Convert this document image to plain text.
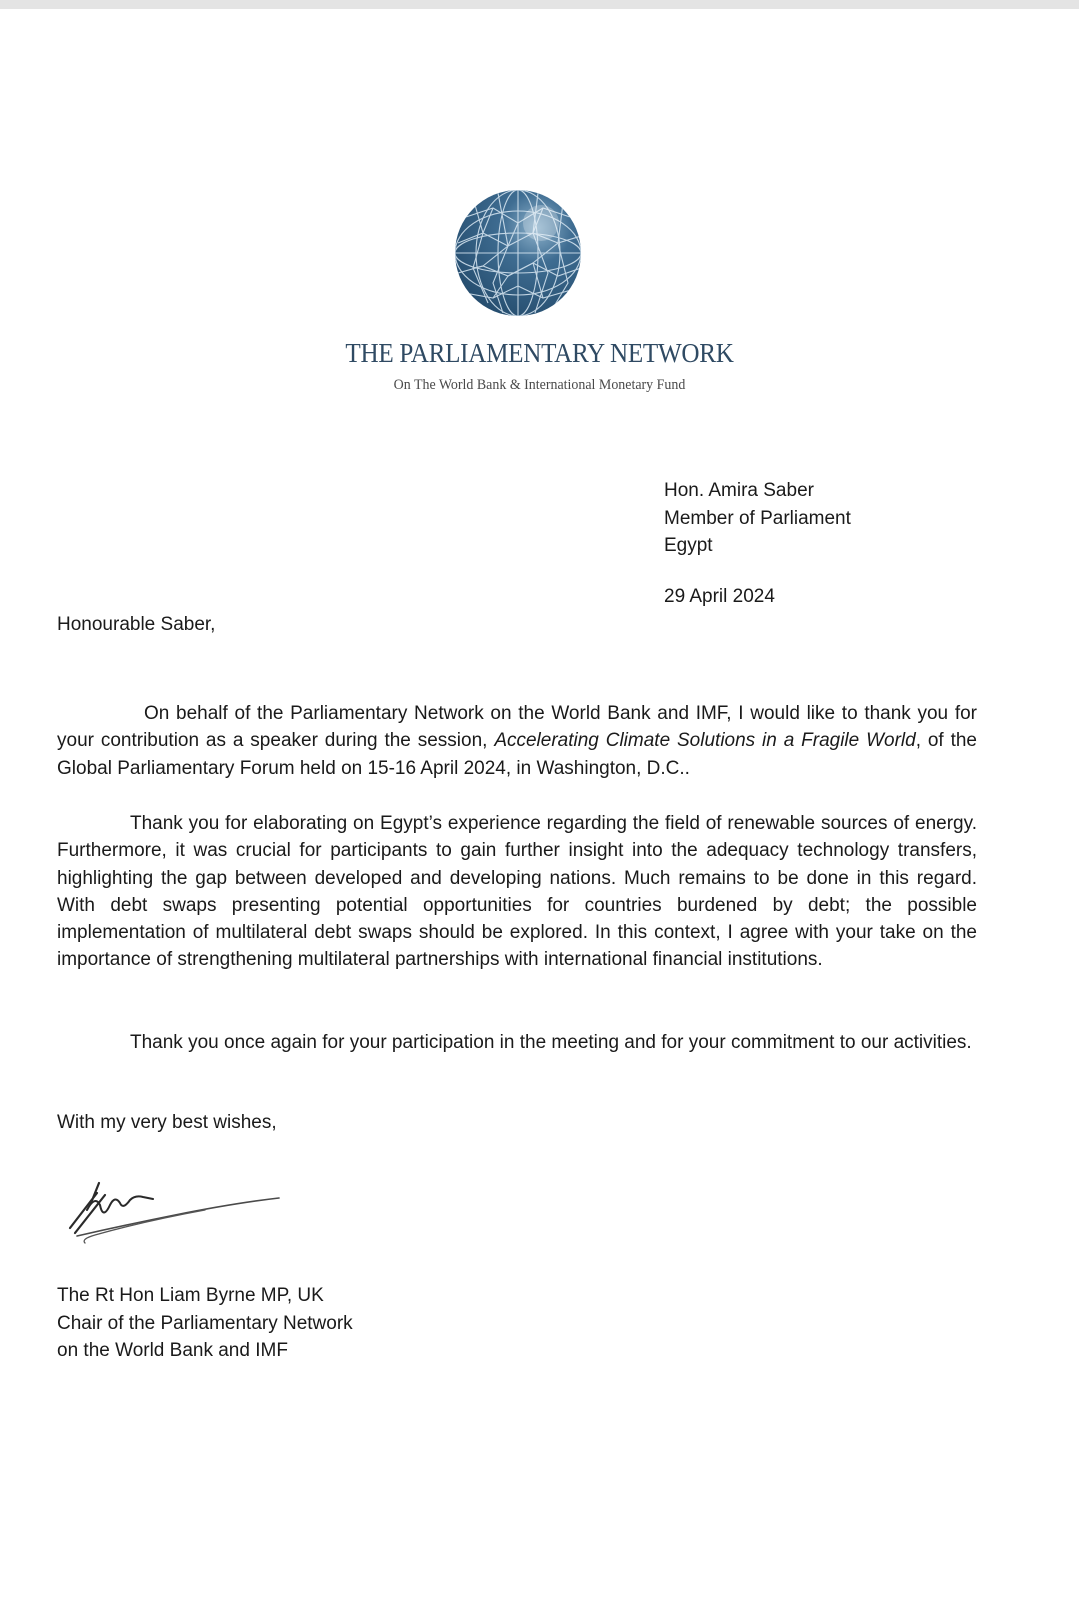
THE PARLIAMENTARY NETWORK
On The World Bank & International Monetary Fund
Hon. Amira Saber
Member of Parliament
Egypt
29 April 2024
Honourable Saber,
On behalf of the Parliamentary Network on the World Bank and IMF, I would like to thank you for your contribution as a speaker during the session, Accelerating Climate Solutions in a Fragile World, of the Global Parliamentary Forum held on 15-16 April 2024, in Washington, D.C..
Thank you for elaborating on Egypt’s experience regarding the field of renewable sources of energy. Furthermore, it was crucial for participants to gain further insight into the adequacy technology transfers, highlighting the gap between developed and developing nations. Much remains to be done in this regard. With debt swaps presenting potential opportunities for countries burdened by debt; the possible implementation of multilateral debt swaps should be explored. In this context, I agree with your take on the importance of strengthening multilateral partnerships with international financial institutions.
Thank you once again for your participation in the meeting and for your commitment to our activities.
With my very best wishes,
The Rt Hon Liam Byrne MP, UK
Chair of the Parliamentary Network
on the World Bank and IMF
